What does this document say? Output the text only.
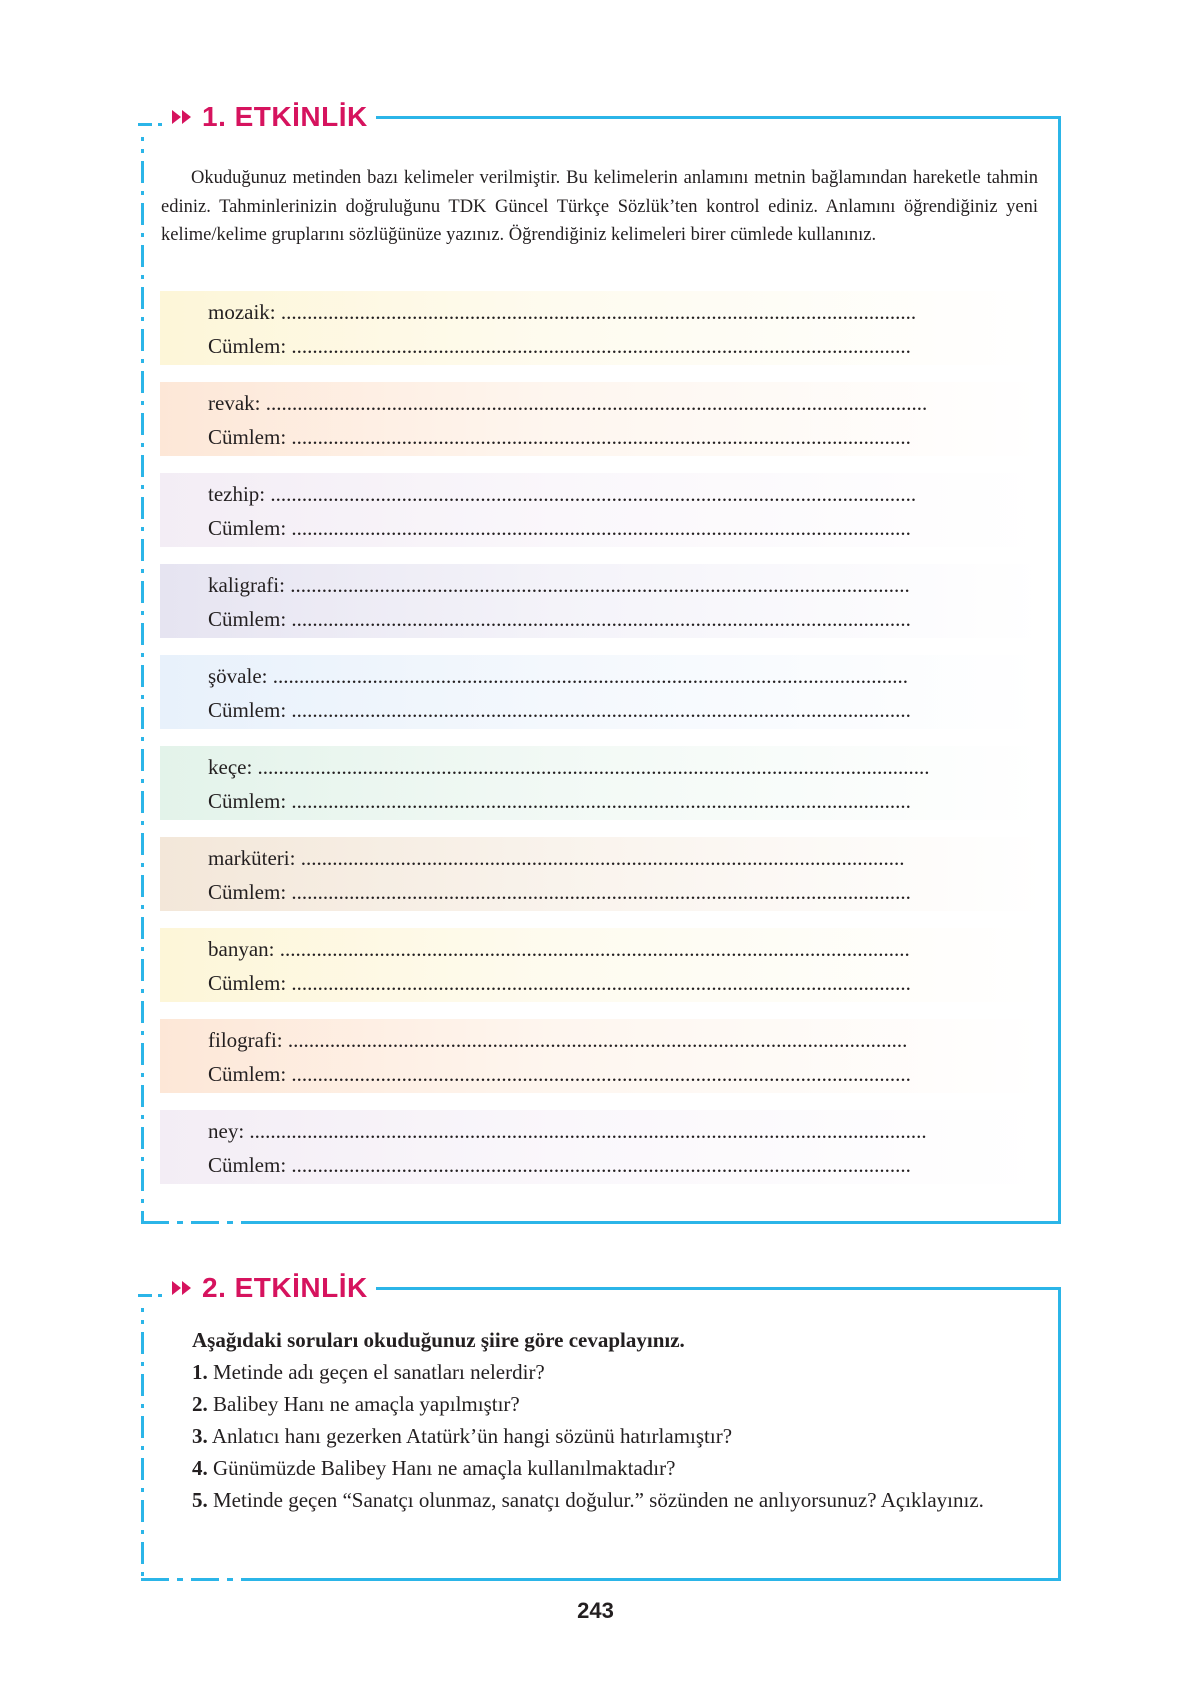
1. ETKİNLİK
Okuduğunuz metinden bazı kelimeler verilmiştir. Bu kelimelerin anlamını metnin bağlamından hareketle tahmin ediniz. Tahminlerinizin doğruluğunu TDK Güncel Türkçe Sözlük’ten kontrol ediniz. Anlamını öğrendiğiniz yeni kelime/kelime gruplarını sözlüğünüze yazınız. Öğrendiğiniz kelimeleri birer cümlede kullanınız.
mozaik: .........................................................................................................................
Cümlem: ......................................................................................................................
revak: ..............................................................................................................................
Cümlem: ......................................................................................................................
tezhip: ...........................................................................................................................
Cümlem: ......................................................................................................................
kaligrafi: ......................................................................................................................
Cümlem: ......................................................................................................................
şövale: .........................................................................................................................
Cümlem: ......................................................................................................................
keçe: ................................................................................................................................
Cümlem: ......................................................................................................................
marküteri: ...................................................................................................................
Cümlem: ......................................................................................................................
banyan: ........................................................................................................................
Cümlem: ......................................................................................................................
filografi: ......................................................................................................................
Cümlem: ......................................................................................................................
ney: .................................................................................................................................
Cümlem: ......................................................................................................................
2. ETKİNLİK

Aşağıdaki soruları okuduğunuz şiire göre cevaplayınız.

1. Metinde adı geçen el sanatları nelerdir?

2. Balibey Hanı ne amaçla yapılmıştır?

3. Anlatıcı hanı gezerken Atatürk’ün hangi sözünü hatırlamıştır?

4. Günümüzde Balibey Hanı ne amaçla kullanılmaktadır?

5. Metinde geçen “Sanatçı olunmaz, sanatçı doğulur.” sözünden ne anlıyorsunuz? Açıklayınız.

243
